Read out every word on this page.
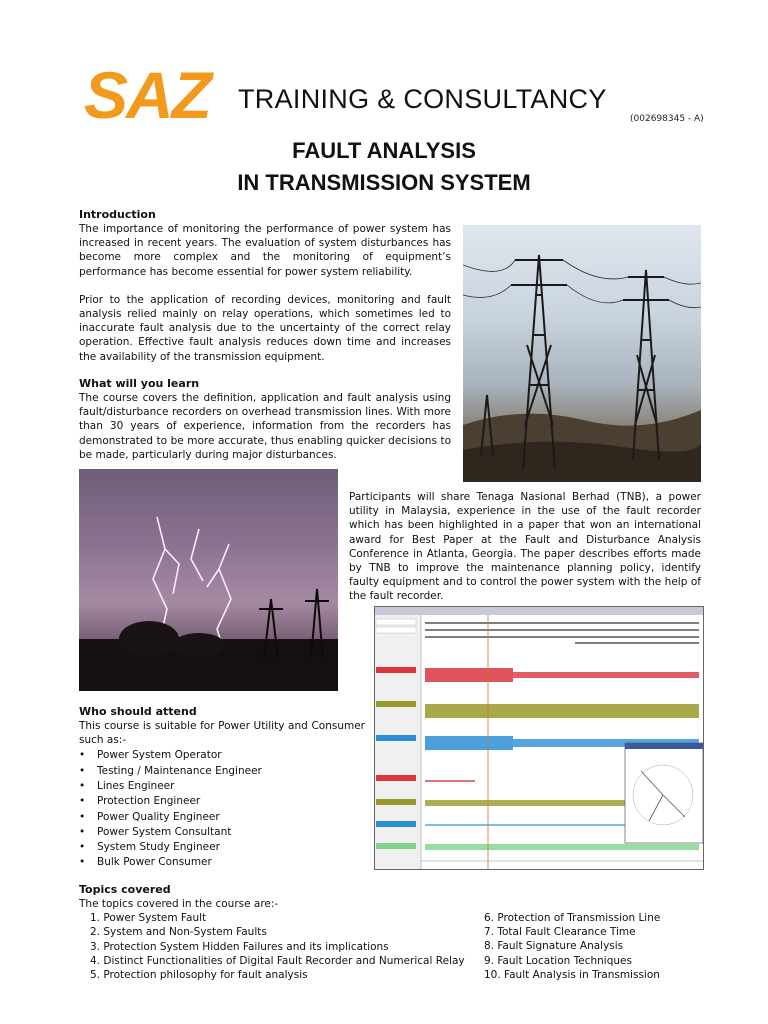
SAZ	TRAINING & CONSULTANCY
(002698345 - A)
FAULT ANALYSIS
IN TRANSMISSION SYSTEM
Introduction

The importance of monitoring the performance of power system has increased in recent years. The evaluation of system disturbances has become more complex and the monitoring of equipment’s performance has become essential for power system reliability.

Prior to the application of recording devices, monitoring and fault analysis relied mainly on relay operations, which sometimes led to inaccurate fault analysis due to the uncertainty of the correct relay operation. Effective fault analysis reduces down time and increases the availability of the transmission equipment.

What will you learn

The course covers the definition, application and fault analysis using fault/disturbance recorders on overhead transmission lines. With more than 30 years of experience, information from the recorders has demonstrated to be more accurate, thus enabling quicker decisions to be made, particularly during major disturbances.

Participants will share Tenaga Nasional Berhad (TNB), a power utility in Malaysia, experience in the use of the fault recorder which has been highlighted in a paper that won an international award for Best Paper at the Fault and Disturbance Analysis Conference in Atlanta, Georgia. The paper describes efforts made by TNB to improve the maintenance planning policy, identify faulty equipment and to control the power system with the help of the fault recorder.

Who should attend

This course is suitable for Power Utility and Consumer such as:-

• Power System Operator
• Testing / Maintenance Engineer
• Lines Engineer
• Protection Engineer
• Power Quality Engineer
• Power System Consultant
• System Study Engineer
• Bulk Power Consumer
Topics covered

The topics covered in the course are:-

1. Power System Fault
2. System and Non-System Faults
3. Protection System Hidden Failures and its implications
4. Distinct Functionalities of Digital Fault Recorder and Numerical Relay
5. Protection philosophy for fault analysis
6. Protection of Transmission Line
7. Total Fault Clearance Time
8. Fault Signature Analysis
9. Fault Location Techniques
10. Fault Analysis in Transmission
